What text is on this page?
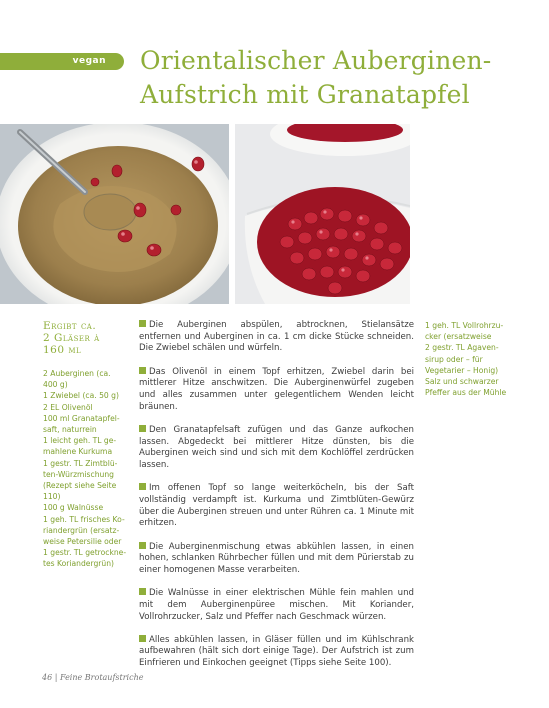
vegan	Orientalischer Auberginen-
Aufstrich mit Granatapfel
Ergibt ca.
2 Gläser à
160 ml
2 Auberginen (ca.
400 g)
1 Zwiebel (ca. 50 g)
2 EL Olivenöl
100 ml Granatapfel-
saft, naturrein
1 leicht geh. TL ge-
mahlene Kurkuma
1 gestr. TL Zimtblü-
ten-Würzmischung
(Rezept siehe Seite
110)
100 g Walnüsse
1 geh. TL frisches Ko-
riandergrün (ersatz-
weise Petersilie oder
1 gestr. TL getrockne-
tes Koriandergrün)
Die Auberginen abspülen, abtrocknen, Stielansätze entfernen und Auberginen in ca. 1 cm dicke Stücke schneiden. Die Zwiebel schälen und würfeln.
Das Olivenöl in einem Topf erhitzen, Zwiebel darin bei mittlerer Hitze anschwitzen. Die Auberginenwürfel zugeben und alles zusammen unter gelegentlichem Wenden leicht bräunen.
Den Granatapfelsaft zufügen und das Ganze aufkochen lassen. Abgedeckt bei mittlerer Hitze dünsten, bis die Auberginen weich sind und sich mit dem Kochlöffel zerdrücken lassen.
Im offenen Topf so lange weiterköcheln, bis der Saft vollständig verdampft ist. Kurkuma und Zimtblüten-Gewürz über die Auberginen streuen und unter Rühren ca. 1 Minute mit erhitzen.
Die Auberginenmischung etwas abkühlen lassen, in einen hohen, schlanken Rührbecher füllen und mit dem Pürierstab zu einer homogenen Masse verarbeiten.
Die Walnüsse in einer elektrischen Mühle fein mahlen und mit dem Auberginenpüree mischen. Mit Koriander, Vollrohrzucker, Salz und Pfeffer nach Geschmack würzen.
Alles abkühlen lassen, in Gläser füllen und im Kühlschrank aufbewahren (hält sich dort einige Tage). Der Aufstrich ist zum Einfrieren und Einkochen geeignet (Tipps siehe Seite 100).
1 geh. TL Vollrohrzu-
cker (ersatzweise
2 gestr. TL Agaven-
sirup oder – für
Vegetarier – Honig)
Salz und schwarzer
Pfeffer aus der Mühle
46 | Feine Brotaufstriche
